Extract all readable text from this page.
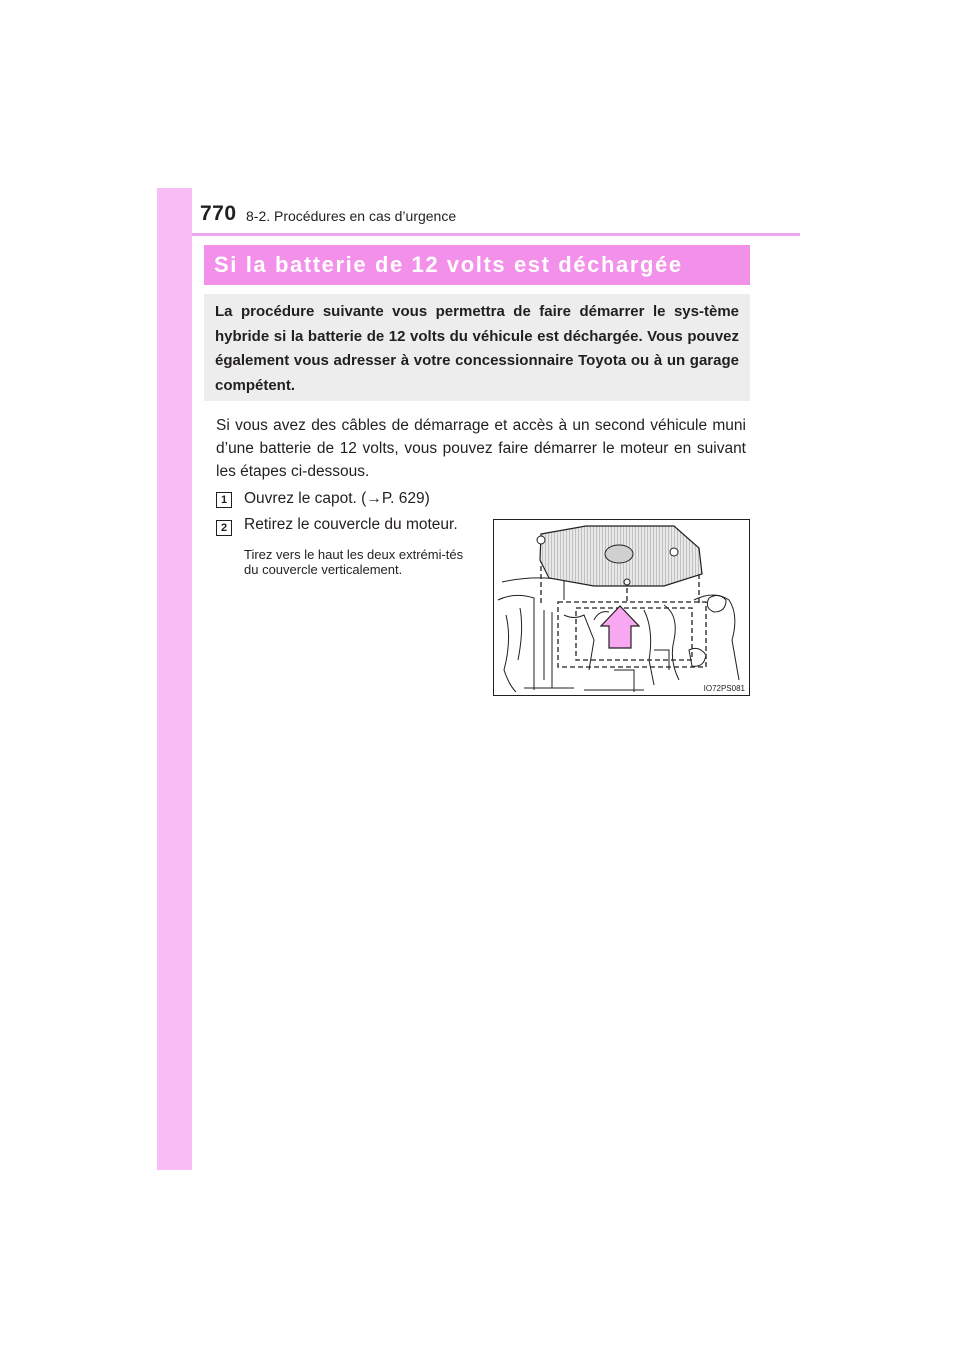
770 8-2. Procédures en cas d’urgence
Si la batterie de 12 volts est déchargée

La procédure suivante vous permettra de faire démarrer le sys-tème hybride si la batterie de 12 volts du véhicule est déchargée. Vous pouvez également vous adresser à votre concessionnaire Toyota ou à un garage compétent.

Si vous avez des câbles de démarrage et accès à un second véhicule muni d’une batterie de 12 volts, vous pouvez faire démarrer le moteur en suivant les étapes ci-dessous.

1	Ouvrez le capot. (→P. 629)
2	Retirez le couvercle du moteur.

Tirez vers le haut les deux extrémi-tés du couvercle verticalement.

IO72PS081
